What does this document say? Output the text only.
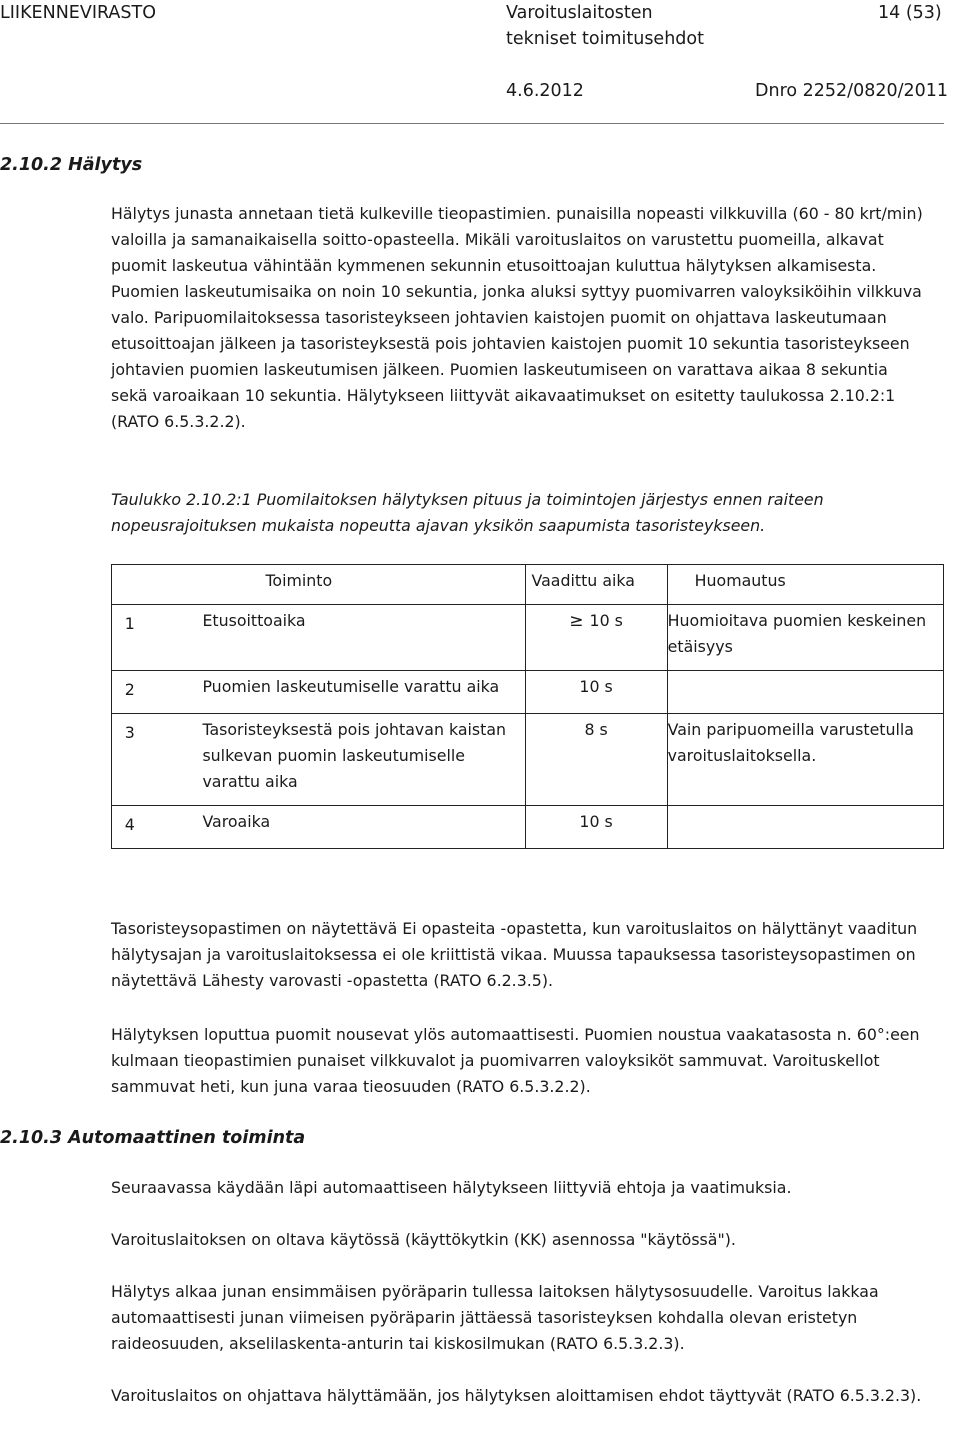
LIIKENNEVIRASTO	Varoituslaitosten
tekniset toimitusehdot
14 (53)
4.6.2012	Dnro 2252/0820/2011
2.10.2 Hälytys

Hälytys junasta annetaan tietä kulkeville tieopastimien. punaisilla nopeasti vilkkuvilla (60 - 80 krt/min) valoilla ja samanaikaisella soitto-opasteella. Mikäli varoituslaitos on varustettu puomeilla, alkavat puomit laskeutua vähintään kymmenen sekunnin etusoittoajan kuluttua hälytyksen alkamisesta. Puomien laskeutumisaika on noin 10 sekuntia, jonka aluksi syttyy puomivarren valoyksiköihin vilkkuva valo. Paripuomilaitoksessa tasoristeykseen johtavien kaistojen puomit on ohjattava laskeutumaan etusoittoajan jälkeen ja tasoristeyksestä pois johtavien kaistojen puomit 10 sekuntia tasoristeykseen johtavien puomien laskeutumisen jälkeen. Puomien laskeutumiseen on varattava aikaa 8 sekuntia sekä varoaikaan 10 sekuntia. Hälytykseen liittyvät aikavaatimukset on esitetty taulukossa 2.10.2:1 (RATO 6.5.3.2.2).

Taulukko 2.10.2:1 Puomilaitoksen hälytyksen pituus ja toimintojen järjestys ennen raiteen nopeusrajoituksen mukaista nopeutta ajavan yksikön saapumista tasoristeykseen.

	Toiminto	Vaadittu aika	Huomautus

1	Etusoittoaika	≥ 10 s	Huomioitava puomien keskeinen etäisyys

2	Puomien laskeutumiselle varattu aika	10 s	

3	Tasoristeyksestä pois johtavan kaistan sulkevan puomin laskeutumiselle varattu aika	8 s	Vain paripuomeilla varustetulla varoituslaitoksella.

4	Varoaika	10 s	

Tasoristeysopastimen on näytettävä Ei opasteita -opastetta, kun varoituslaitos on hälyttänyt vaaditun hälytysajan ja varoituslaitoksessa ei ole kriittistä vikaa. Muussa tapauksessa tasoristeysopastimen on näytettävä Lähesty varovasti -opastetta (RATO 6.2.3.5).

Hälytyksen loputtua puomit nousevat ylös automaattisesti. Puomien noustua vaakatasosta n. 60°:een kulmaan tieopastimien punaiset vilkkuvalot ja puomivarren valoyksiköt sammuvat. Varoituskellot sammuvat heti, kun juna varaa tieosuuden (RATO 6.5.3.2.2).

2.10.3 Automaattinen toiminta

Seuraavassa käydään läpi automaattiseen hälytykseen liittyviä ehtoja ja vaatimuksia.

Varoituslaitoksen on oltava käytössä (käyttökytkin (KK) asennossa "käytössä").

Hälytys alkaa junan ensimmäisen pyöräparin tullessa laitoksen hälytysosuudelle. Varoitus lakkaa automaattisesti junan viimeisen pyöräparin jättäessä tasoristeyksen kohdalla olevan eristetyn raideosuuden, akselilaskenta-anturin tai kiskosilmukan (RATO 6.5.3.2.3).

Varoituslaitos on ohjattava hälyttämään, jos hälytyksen aloittamisen ehdot täyttyvät (RATO 6.5.3.2.3).
